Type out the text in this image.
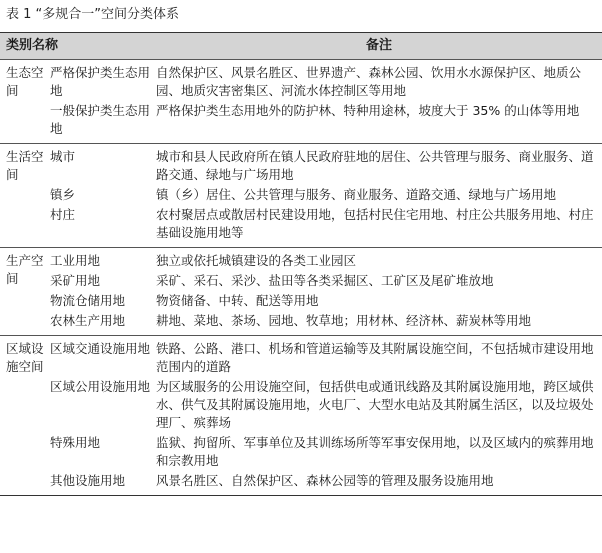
表 1 “多规合一”空间分类体系
类别名称		备注
生态空间	严格保护类生态用地	自然保护区、风景名胜区、世界遗产、森林公园、饮用水水源保护区、地质公园、地质灾害密集区、河流水体控制区等用地
	一般保护类生态用地	严格保护类生态用地外的防护林、特种用途林，坡度大于 35% 的山体等用地
生活空间	城市	城市和县人民政府所在镇人民政府驻地的居住、公共管理与服务、商业服务、道路交通、绿地与广场用地
	镇乡	镇（乡）居住、公共管理与服务、商业服务、道路交通、绿地与广场用地
	村庄	农村聚居点或散居村民建设用地，包括村民住宅用地、村庄公共服务用地、村庄基础设施用地等
生产空间	工业用地	独立或依托城镇建设的各类工业园区
	采矿用地	采矿、采石、采沙、盐田等各类采掘区、工矿区及尾矿堆放地
	物流仓储用地	物资储备、中转、配送等用地
	农林生产用地	耕地、菜地、茶场、园地、牧草地；用材林、经济林、薪炭林等用地
区域设施空间	区域交通设施用地	铁路、公路、港口、机场和管道运输等及其附属设施空间，不包括城市建设用地范围内的道路
	区域公用设施用地	为区域服务的公用设施空间，包括供电或通讯线路及其附属设施用地，跨区域供水、供气及其附属设施用地，火电厂、大型水电站及其附属生活区，以及垃圾处理厂、殡葬场
	特殊用地	监狱、拘留所、军事单位及其训练场所等军事安保用地，以及区域内的殡葬用地和宗教用地
	其他设施用地	风景名胜区、自然保护区、森林公园等的管理及服务设施用地
